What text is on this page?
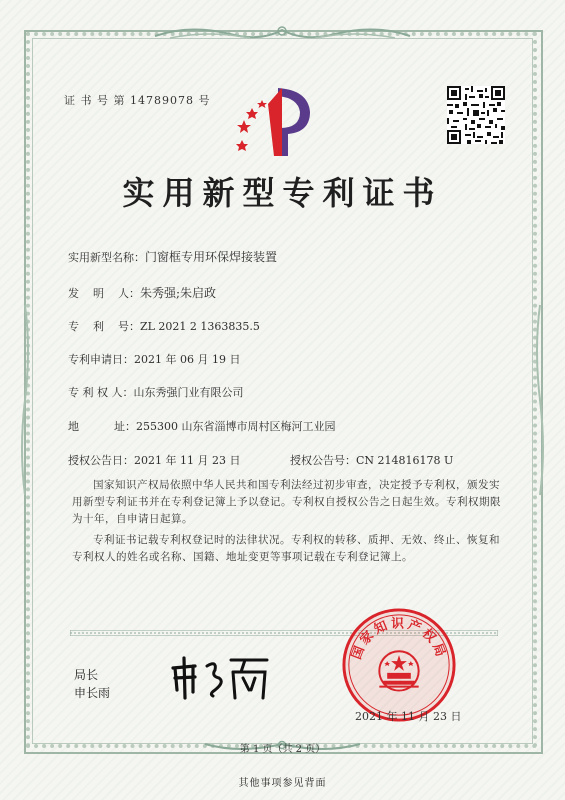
证 书 号 第 14789078 号
实用新型专利证书
实用新型名称：门窗框专用环保焊接装置
发    明    人：朱秀强;朱启政
专    利    号：ZL 2021 2 1363835.5
专利申请日：2021 年 06 月 19 日
专 利 权 人：山东秀强门业有限公司
地          址：255300 山东省淄博市周村区梅河工业园
授权公告日：2021 年 11 月 23 日	授权公告号：CN 214816178 U
国家知识产权局依照中华人民共和国专利法经过初步审查，决定授予专利权，颁发实用新型专利证书并在专利登记簿上予以登记。专利权自授权公告之日起生效。专利权期限为十年，自申请日起算。
专利证书记载专利权登记时的法律状况。专利权的转移、质押、无效、终止、恢复和专利权人的姓名或名称、国籍、地址变更等事项记载在专利登记簿上。
局长
申长雨
国家知识产权局
2021 年 11 月 23 日
第 1 页（共 2 页）
其他事项参见背面
